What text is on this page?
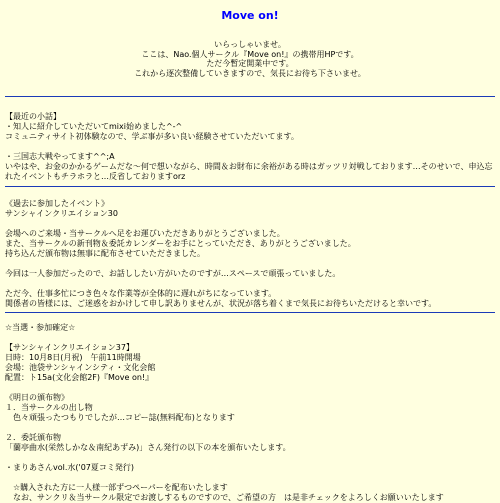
Move on!
いらっしゃいませ。
ここは、Nao.個人サークル『Move on!』の携帯用HPです。
ただ今暫定開業中です。
これから逐次整備していきますので、気長にお待ち下さいませ。
【最近の小話】
・知人に紹介していただいてmixi始めました^-^
コミュニティサイト初体験なので、学ぶ事が多い良い経験させていただいてます。
・三国志大戦やってます^^;A
いやはや、お金のかかるゲームだな～何で想いながら、時間＆お財布に余裕がある時はガッツリ対戦しております…そのせいで、申込忘
れたイベントもチラホラと…反省しておりますorz
《過去に参加したイベント》
サンシャインクリエイション30
会場へのご来場・当サークルへ足をお運びいただきありがとうございました。
また、当サークルの新刊物＆委託カレンダーをお手にとっていただき、ありがとうございました。
持ち込んだ頒布物は無事に配布させていただきました。
今回は一人参加だったので、お話ししたい方がいたのですが…スペースで頑張っていました。
ただ今、仕事多忙につき色々な作業等が全体的に遅れがちになっています。
関係者の皆様には、ご迷惑をおかけして申し訳ありませんが、状況が落ち着くまで気長にお待ちいただけると幸いです。
☆当選・参加確定☆
【サンシャインクリエイション37】
日時：10月8日(月祝)　午前11時開場
会場：池袋サンシャインシティ・文化会館
配置：ト15a(文化会館2F)『Move on!』
《明日の頒布物》
１．当サークルの出し物
　色々頑張ったつもりでしたが…コピー誌(無料配布)となります
２．委託頒布物
「蘭亭曲水(栄然しかな＆南紀あずみ)」さん発行の以下の本を頒布いたします。
・まりあさんvol.水('07夏コミ発行)
　☆購入された方に一人様一部ずつペーパーを配布いたします
　なお、サンクリ＆当サークル限定でお渡しするものですので、ご希望の方　は是非チェックをよろしくお願いいたします
